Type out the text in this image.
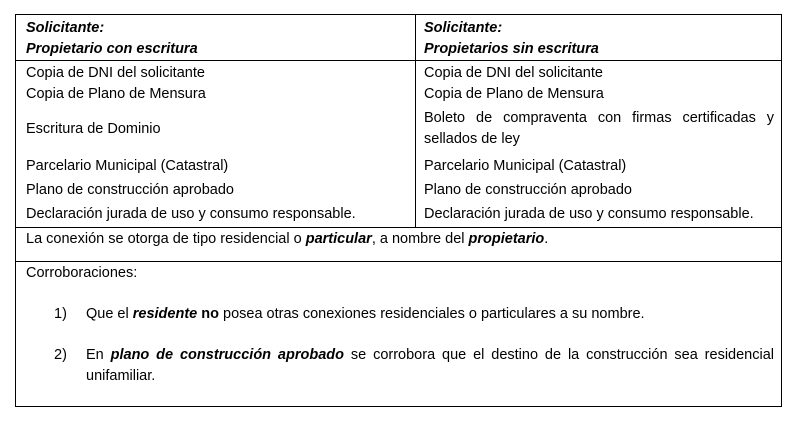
Solicitante:
Propietario con escritura
Solicitante:
Propietarios sin escritura
Copia de DNI del solicitante
Copia de Plano de Mensura
Escritura de Dominio
Parcelario Municipal (Catastral)
Plano de construcción aprobado
Declaración jurada de uso y consumo responsable.
Copia de DNI del solicitante
Copia de Plano de Mensura
Boleto de compraventa con firmas certificadas y sellados de ley
Parcelario Municipal (Catastral)
Plano de construcción aprobado
Declaración jurada de uso y consumo responsable.
La conexión se otorga de tipo residencial o particular, a nombre del propietario.
Corroboraciones:
1) Que el residente no posea otras conexiones residenciales o particulares a su nombre.
2) En plano de construcción aprobado se corrobora que el destino de la construcción sea residencial unifamiliar.
